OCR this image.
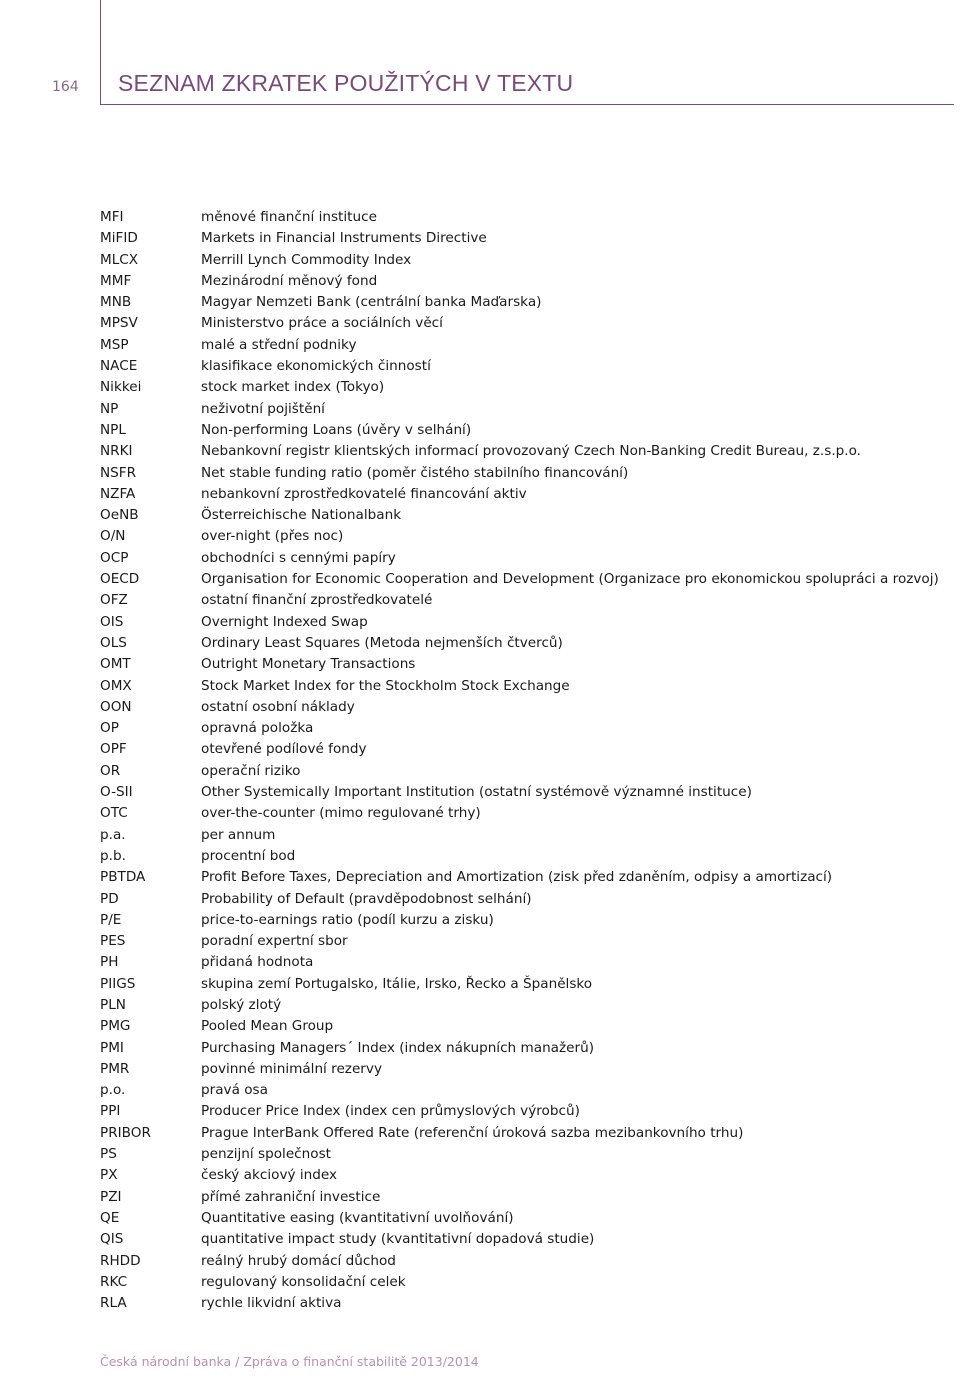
164 SEZNAM ZKRATEK POUŽITÝCH V TEXTU
MFI	měnové finanční instituce
MiFID	Markets in Financial Instruments Directive
MLCX	Merrill Lynch Commodity Index
MMF	Mezinárodní měnový fond
MNB	Magyar Nemzeti Bank (centrální banka Maďarska)
MPSV	Ministerstvo práce a sociálních věcí
MSP	malé a střední podniky
NACE	klasifikace ekonomických činností
Nikkei	stock market index (Tokyo)
NP	neživotní pojištění
NPL	Non-performing Loans (úvěry v selhání)
NRKI	Nebankovní registr klientských informací provozovaný Czech Non-Banking Credit Bureau, z.s.p.o.
NSFR	Net stable funding ratio (poměr čistého stabilního financování)
NZFA	nebankovní zprostředkovatelé financování aktiv
OeNB	Österreichische Nationalbank
O/N	over-night (přes noc)
OCP	obchodníci s cennými papíry
OECD	Organisation for Economic Cooperation and Development (Organizace pro ekonomickou spolupráci a rozvoj)
OFZ	ostatní finanční zprostředkovatelé
OIS	Overnight Indexed Swap
OLS	Ordinary Least Squares (Metoda nejmenších čtverců)
OMT	Outright Monetary Transactions
OMX	Stock Market Index for the Stockholm Stock Exchange
OON	ostatní osobní náklady
OP	opravná položka
OPF	otevřené podílové fondy
OR	operační riziko
O-SII	Other Systemically Important Institution (ostatní systémově významné instituce)
OTC	over-the-counter (mimo regulované trhy)
p.a.	per annum
p.b.	procentní bod
PBTDA	Profit Before Taxes, Depreciation and Amortization (zisk před zdaněním, odpisy a amortizací)
PD	Probability of Default (pravděpodobnost selhání)
P/E	price-to-earnings ratio (podíl kurzu a zisku)
PES	poradní expertní sbor
PH	přidaná hodnota
PIIGS	skupina zemí Portugalsko, Itálie, Irsko, Řecko a Španělsko
PLN	polský zlotý
PMG	Pooled Mean Group
PMI	Purchasing Managers´ Index (index nákupních manažerů)
PMR	povinné minimální rezervy
p.o.	pravá osa
PPI	Producer Price Index (index cen průmyslových výrobců)
PRIBOR	Prague InterBank Offered Rate (referenční úroková sazba mezibankovního trhu)
PS	penzijní společnost
PX	český akciový index
PZI	přímé zahraniční investice
QE	Quantitative easing (kvantitativní uvolňování)
QIS	quantitative impact study (kvantitativní dopadová studie)
RHDD	reálný hrubý domácí důchod
RKC	regulovaný konsolidační celek
RLA	rychle likvidní aktiva
Česká národní banka / Zpráva o finanční stabilitě 2013/2014
